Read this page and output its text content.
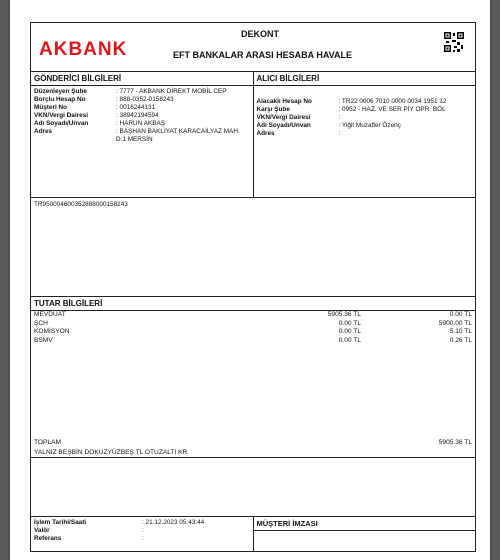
AKBANK
DEKONT
EFT BANKALAR ARASI HESABA HAVALE
GÖNDERİCİ BİLGİLERİ
Düzenleyen Şube	: 7777 - AKBANK DİREKT MOBİL CEP
Borçlu Hesap No	: 888-0352-0158243
Müşteri No	: 0016244131
VKN/Vergi Dairesi	: 38942194594
Adı Soyadı/Unvan	: HARUN AKBAŞ
Adres	: BAŞHAN BAKLİYAT KARACAİLYAZ MAH. D:1 MERSİN
ALICI BİLGİLERİ
Alacaklı Hesap No	: TR22 0006 7010 0000 0034 1951 12
Karşı Şube	: 0952 - HAZ. VE SER PİY OPR. BÖL
VKN/Vergi Dairesi	:
Adı Soyadı/Unvan	: Yiğit Muzaffer Özenç
Adres	:
TR950004600352888000158243
TUTAR BİLGİLERİ
MEVDUAT	5905.36 TL	0.00 TL
ŞCH	0.00 TL	5900.00 TL
KOMİSYON	0.00 TL	5.10 TL
BSMV	0.00 TL	0.26 TL
TOPLAM	5905.36 TL
YALNIZ BEŞBİN DOKUZYÜZBEŞ TL OTUZALTI KR
İşlem Tarihi/Saati	: 21.12.2023 05:43:44
Valör	:
Referans	:
MÜŞTERİ İMZASI
